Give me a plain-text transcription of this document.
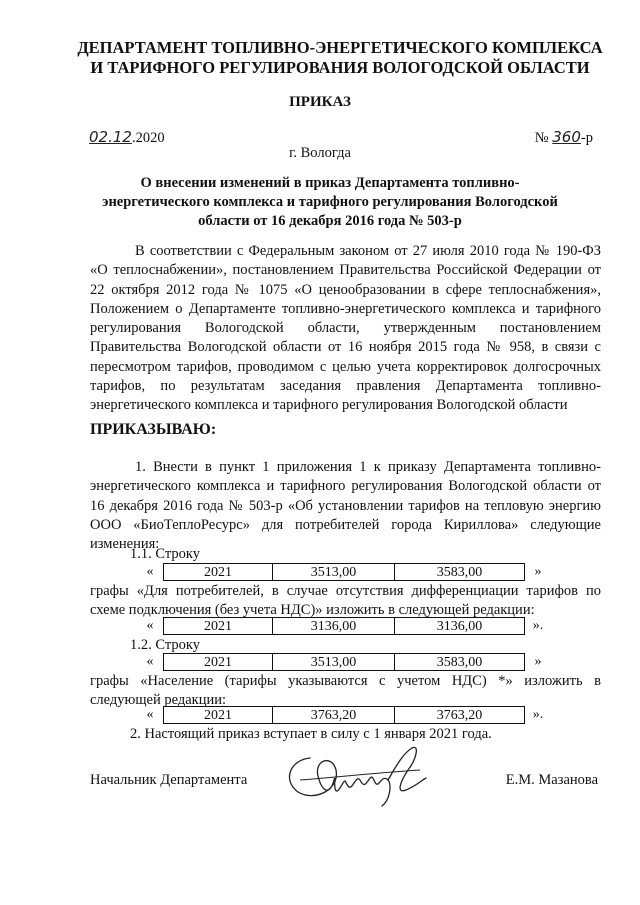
ДЕПАРТАМЕНТ ТОПЛИВНО-ЭНЕРГЕТИЧЕСКОГО КОМПЛЕКСА
И ТАРИФНОГО РЕГУЛИРОВАНИЯ ВОЛОГОДСКОЙ ОБЛАСТИ
ПРИКАЗ
02.12.2020	№ 360-р
г. Вологда
О внесении изменений в приказ Департамента топливно-
энергетического комплекса и тарифного регулирования Вологодской
области от 16 декабря 2016 года № 503-р

В соответствии с Федеральным законом от 27 июля 2010 года № 190-ФЗ «О теплоснабжении», постановлением Правительства Российской Федерации от 22 октября 2012 года № 1075 «О ценообразовании в сфере теплоснабжения», Положением о Департаменте топливно-энергетического комплекса и тарифного регулирования Вологодской области, утвержденным постановлением Правительства Вологодской области от 16 ноября 2015 года № 958, в связи с пересмотром тарифов, проводимом с целью учета корректировок долгосрочных тарифов, по результатам заседания правления Департамента топливно-энергетического комплекса и тарифного регулирования Вологодской области

ПРИКАЗЫВАЮ:

1. Внести в пункт 1 приложения 1 к приказу Департамента топливно-энергетического комплекса и тарифного регулирования Вологодской области от 16 декабря 2016 года № 503-р «Об установлении тарифов на тепловую энергию ООО «БиоТеплоРесурс» для потребителей города Кириллова» следующие изменения:

1.1. Строку
«	2021	3513,00	3583,00	»

графы «Для потребителей, в случае отсутствия дифференциации тарифов по схеме подключения (без учета НДС)» изложить в следующей редакции:

«	2021	3136,00	3136,00	».
1.2. Строку
«	2021	3513,00	3583,00	»

графы «Население (тарифы указываются с учетом НДС) *» изложить в следующей редакции:

«	2021	3763,20	3763,20	».
2. Настоящий приказ вступает в силу с 1 января 2021 года.
Начальник Департамента	Е.М. Мазанова
